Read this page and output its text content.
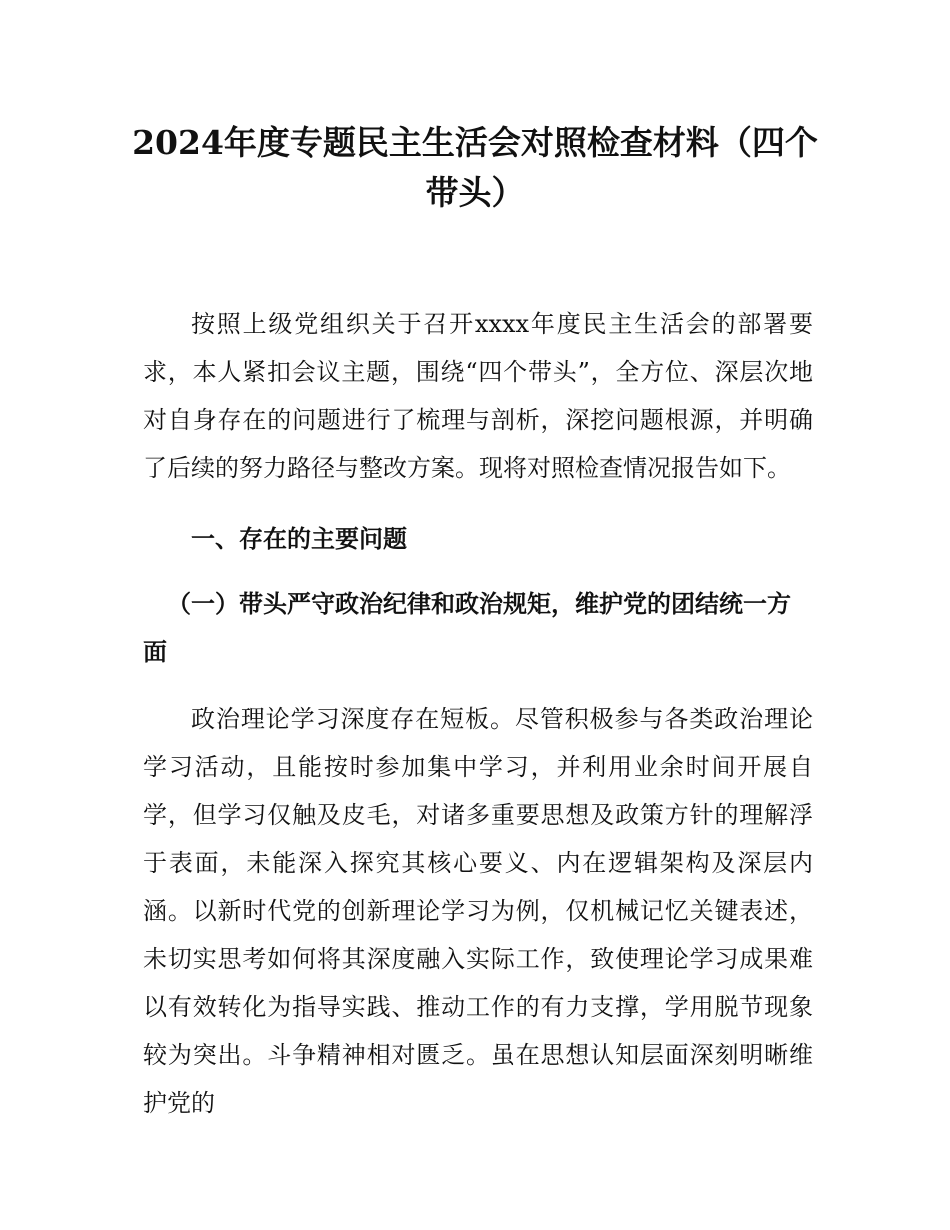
2024年度专题民主生活会对照检查材料（四个带头）

按照上级党组织关于召开xxxx年度民主生活会的部署要求，本人紧扣会议主题，围绕“四个带头”，全方位、深层次地对自身存在的问题进行了梳理与剖析，深挖问题根源，并明确了后续的努力路径与整改方案。现将对照检查情况报告如下。

一、存在的主要问题
（一）带头严守政治纪律和政治规矩，维护党的团结统一方面

政治理论学习深度存在短板。尽管积极参与各类政治理论学习活动，且能按时参加集中学习，并利用业余时间开展自学，但学习仅触及皮毛，对诸多重要思想及政策方针的理解浮于表面，未能深入探究其核心要义、内在逻辑架构及深层内涵。以新时代党的创新理论学习为例，仅机械记忆关键表述，未切实思考如何将其深度融入实际工作，致使理论学习成果难以有效转化为指导实践、推动工作的有力支撑，学用脱节现象较为突出。斗争精神相对匮乏。虽在思想认知层面深刻明晰维护党的
